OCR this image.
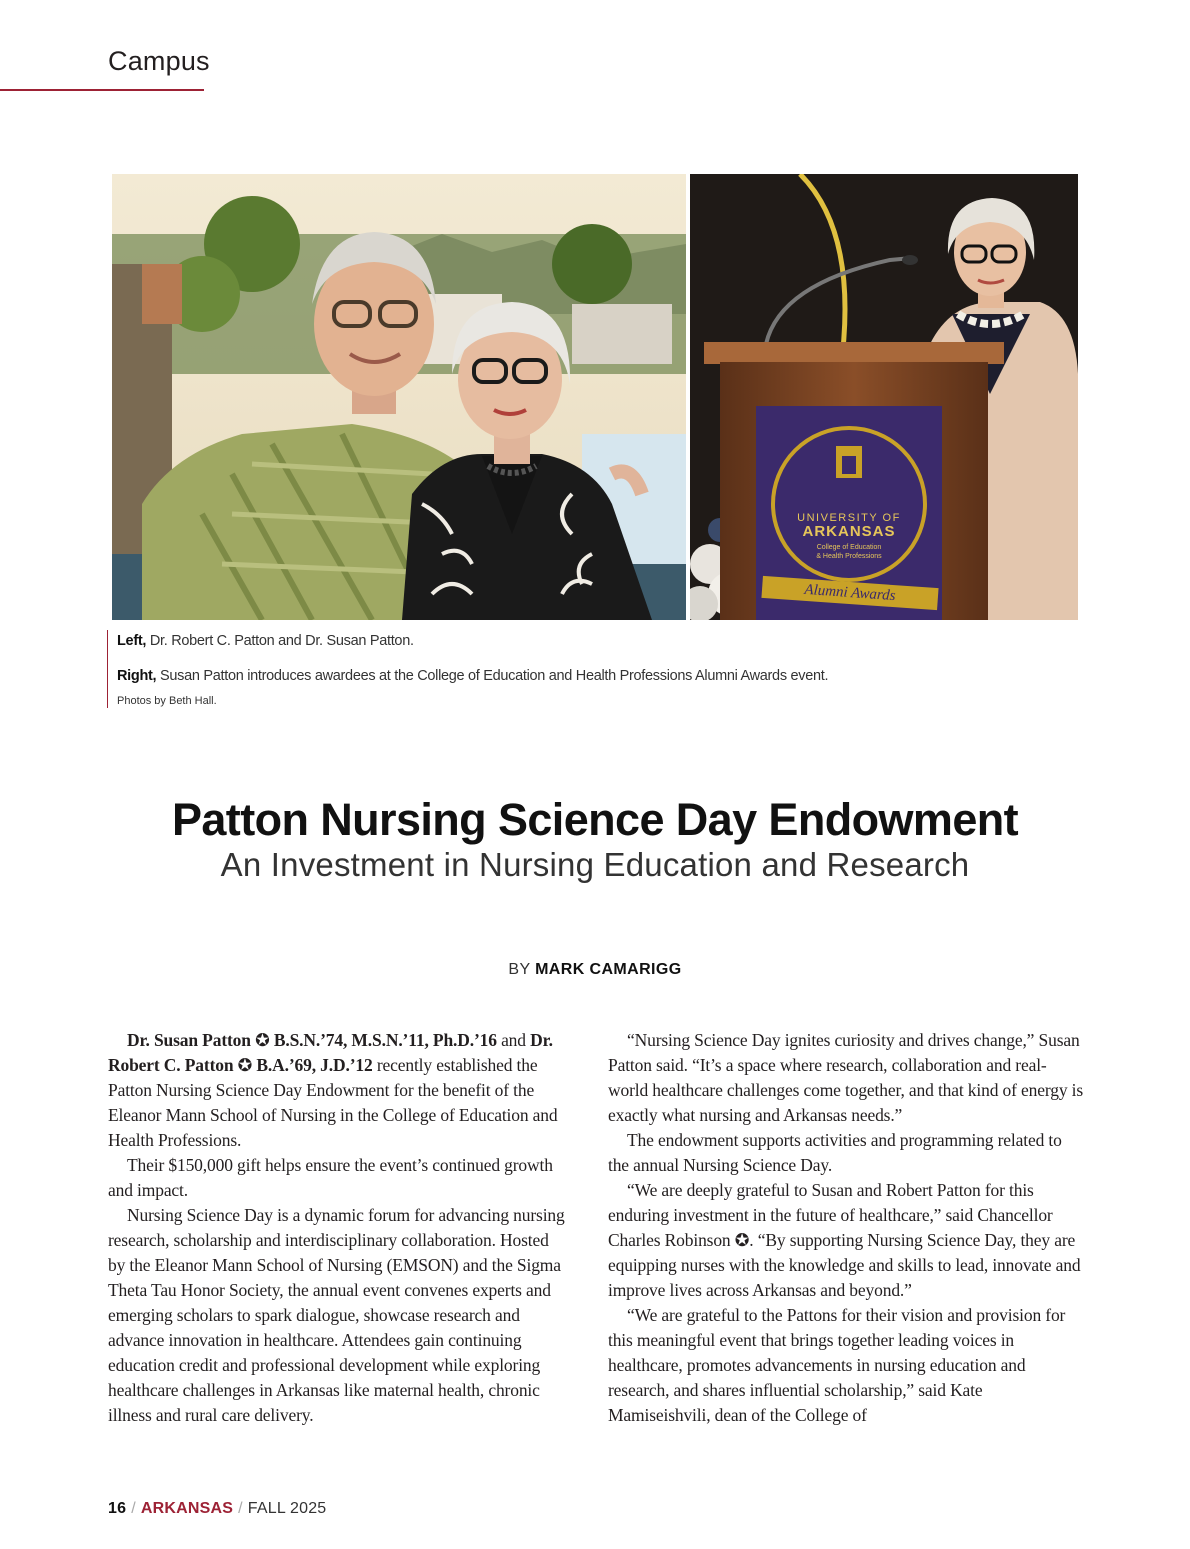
Campus
UNIVERSITY OF
ARKANSAS
College of Education
& Health Professions
Alumni Awards

Left, Dr. Robert C. Patton and Dr. Susan Patton.

Right, Susan Patton introduces awardees at the College of Education and Health Professions Alumni Awards event.

Photos by Beth Hall.

Patton Nursing Science Day Endowment
An Investment in Nursing Education and Research
BY MARK CAMARIGG

Dr. Susan Patton ✪ B.S.N.’74, M.S.N.’11, Ph.D.’16 and Dr. Robert C. Patton ✪ B.A.’69, J.D.’12 recently established the Patton Nursing Science Day Endowment for the benefit of the Eleanor Mann School of Nursing in the College of Education and Health Professions.

Their $150,000 gift helps ensure the event’s continued growth and impact.

Nursing Science Day is a dynamic forum for advancing nursing research, scholarship and interdisciplinary collaboration. Hosted by the Eleanor Mann School of Nursing (EMSON) and the Sigma Theta Tau Honor Society, the annual event convenes experts and emerging scholars to spark dialogue, showcase research and advance innovation in healthcare. Attendees gain continuing education credit and professional development while exploring healthcare challenges in Arkansas like maternal health, chronic illness and rural care delivery.

“Nursing Science Day ignites curiosity and drives change,” Susan Patton said. “It’s a space where research, collaboration and real-world healthcare challenges come together, and that kind of energy is exactly what nursing and Arkansas needs.”

The endowment supports activities and programming related to the annual Nursing Science Day.

“We are deeply grateful to Susan and Robert Patton for this enduring investment in the future of healthcare,” said Chancellor Charles Robinson ✪. “By supporting Nursing Science Day, they are equipping nurses with the knowledge and skills to lead, innovate and improve lives across Arkansas and beyond.”

“We are grateful to the Pattons for their vision and provision for this meaningful event that brings together leading voices in healthcare, promotes advancements in nursing education and research, and shares influential scholarship,” said Kate Mamiseishvili, dean of the College of

16 / ARKANSAS / FALL 2025
